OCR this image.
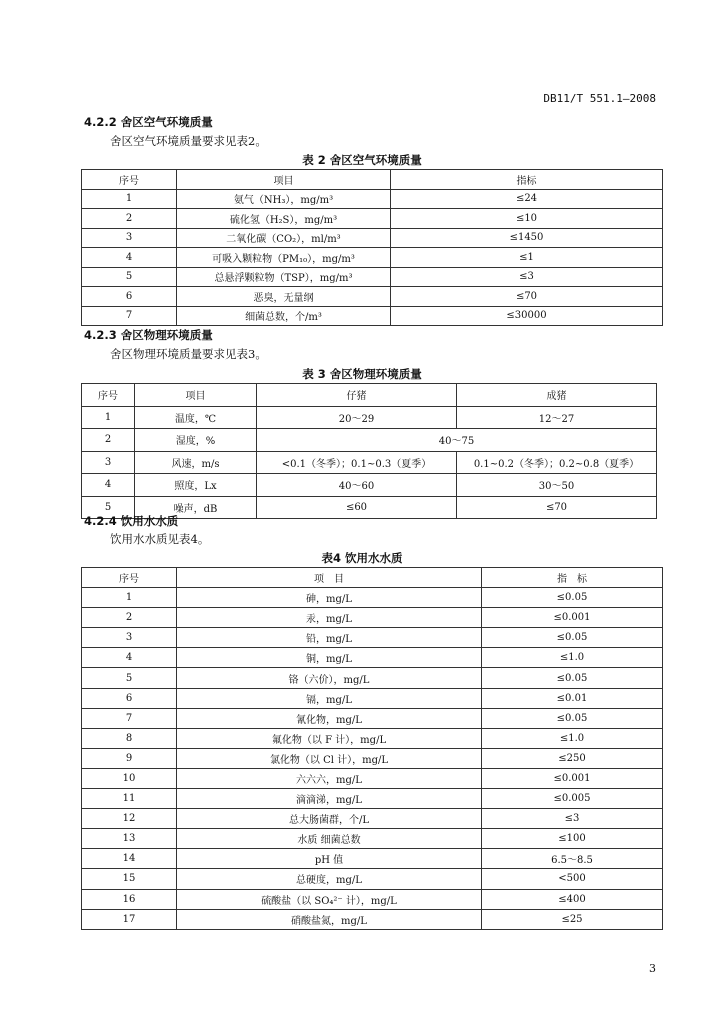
DB11/T 551.1—2008
4.2.2 舍区空气环境质量
舍区空气环境质量要求见表2。
表 2 舍区空气环境质量
序号	项目	指标
1	氨气（NH₃），mg/m³	≤24
2	硫化氢（H₂S），mg/m³	≤10
3	二氧化碳（CO₂），ml/m³	≤1450
4	可吸入颗粒物（PM₁₀），mg/m³	≤1
5	总悬浮颗粒物（TSP），mg/m³	≤3
6	恶臭，无量纲	≤70
7	细菌总数，个/m³	≤30000
4.2.3 舍区物理环境质量
舍区物理环境质量要求见表3。
表 3 舍区物理环境质量
序号	项目	仔猪	成猪
1	温度，℃	20～29	12～27
2	湿度，%	40～75	
3	风速，m/s	<0.1（冬季）；0.1~0.3（夏季）	0.1~0.2（冬季）；0.2~0.8（夏季）
4	照度，Lx	40～60	30～50
5	噪声，dB	≤60	≤70
4.2.4 饮用水水质
饮用水水质见表4。
表4 饮用水水质
序号	项　目	指　标
1	砷，mg/L	≤0.05
2	汞，mg/L	≤0.001
3	铅，mg/L	≤0.05
4	铜，mg/L	≤1.0
5	铬（六价），mg/L	≤0.05
6	镉，mg/L	≤0.01
7	氰化物，mg/L	≤0.05
8	氟化物（以 F 计），mg/L	≤1.0
9	氯化物（以 Cl 计），mg/L	≤250
10	六六六，mg/L	≤0.001
11	滴滴涕，mg/L	≤0.005
12	总大肠菌群，个/L	≤3
13	水质 细菌总数	≤100
14	pH 值	6.5～8.5
15	总硬度，mg/L	<500
16	硫酸盐（以 SO₄²⁻ 计），mg/L	≤400
17	硝酸盐氮，mg/L	≤25
3
